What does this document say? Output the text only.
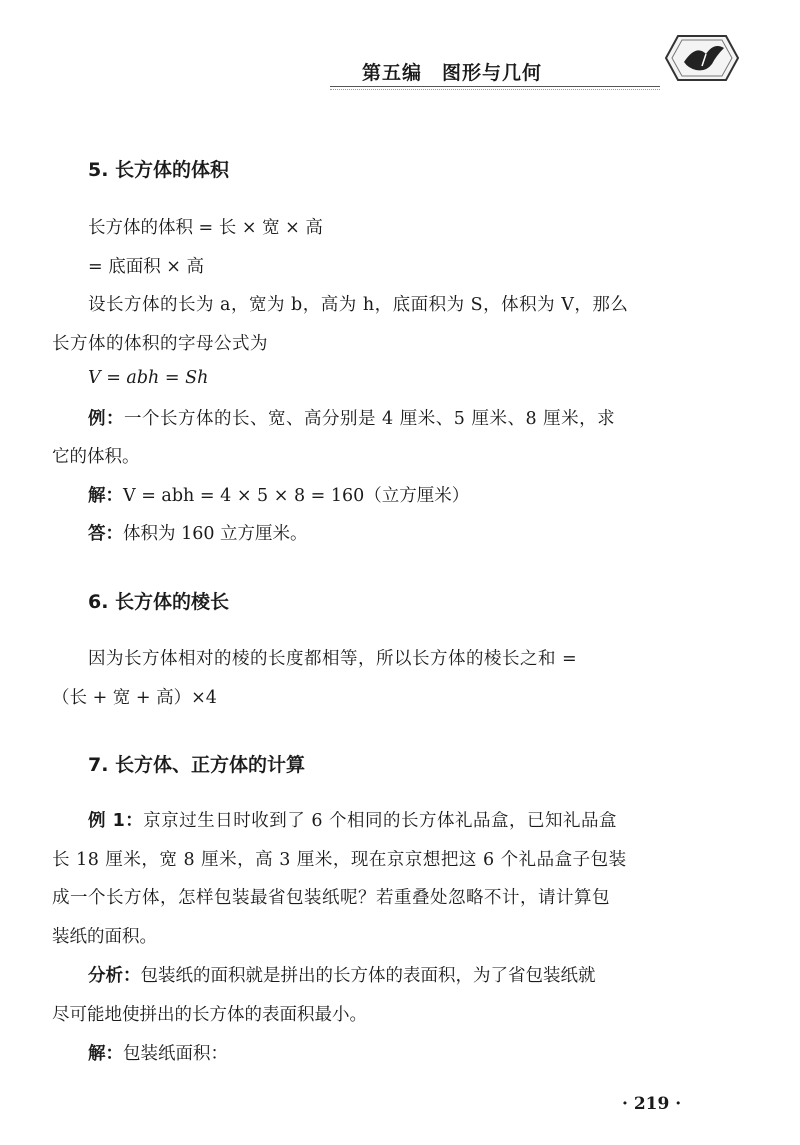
第五编　图形与几何
5. 长方体的体积
长方体的体积 = 长 × 宽 × 高
= 底面积 × 高
设长方体的长为 a，宽为 b，高为 h，底面积为 S，体积为 V，那么
长方体的体积的字母公式为
V = abh = Sh
例：一个长方体的长、宽、高分别是 4 厘米、5 厘米、8 厘米，求
它的体积。
解：V = abh = 4 × 5 × 8 = 160（立方厘米）
答：体积为 160 立方厘米。
6. 长方体的棱长
因为长方体相对的棱的长度都相等，所以长方体的棱长之和 =
（长 + 宽 + 高）×4
7. 长方体、正方体的计算
例 1：京京过生日时收到了 6 个相同的长方体礼品盒，已知礼品盒
长 18 厘米，宽 8 厘米，高 3 厘米，现在京京想把这 6 个礼品盒子包装
成一个长方体，怎样包装最省包装纸呢？若重叠处忽略不计，请计算包
装纸的面积。
分析：包装纸的面积就是拼出的长方体的表面积，为了省包装纸就
尽可能地使拼出的长方体的表面积最小。
解：包装纸面积：
· 219 ·
